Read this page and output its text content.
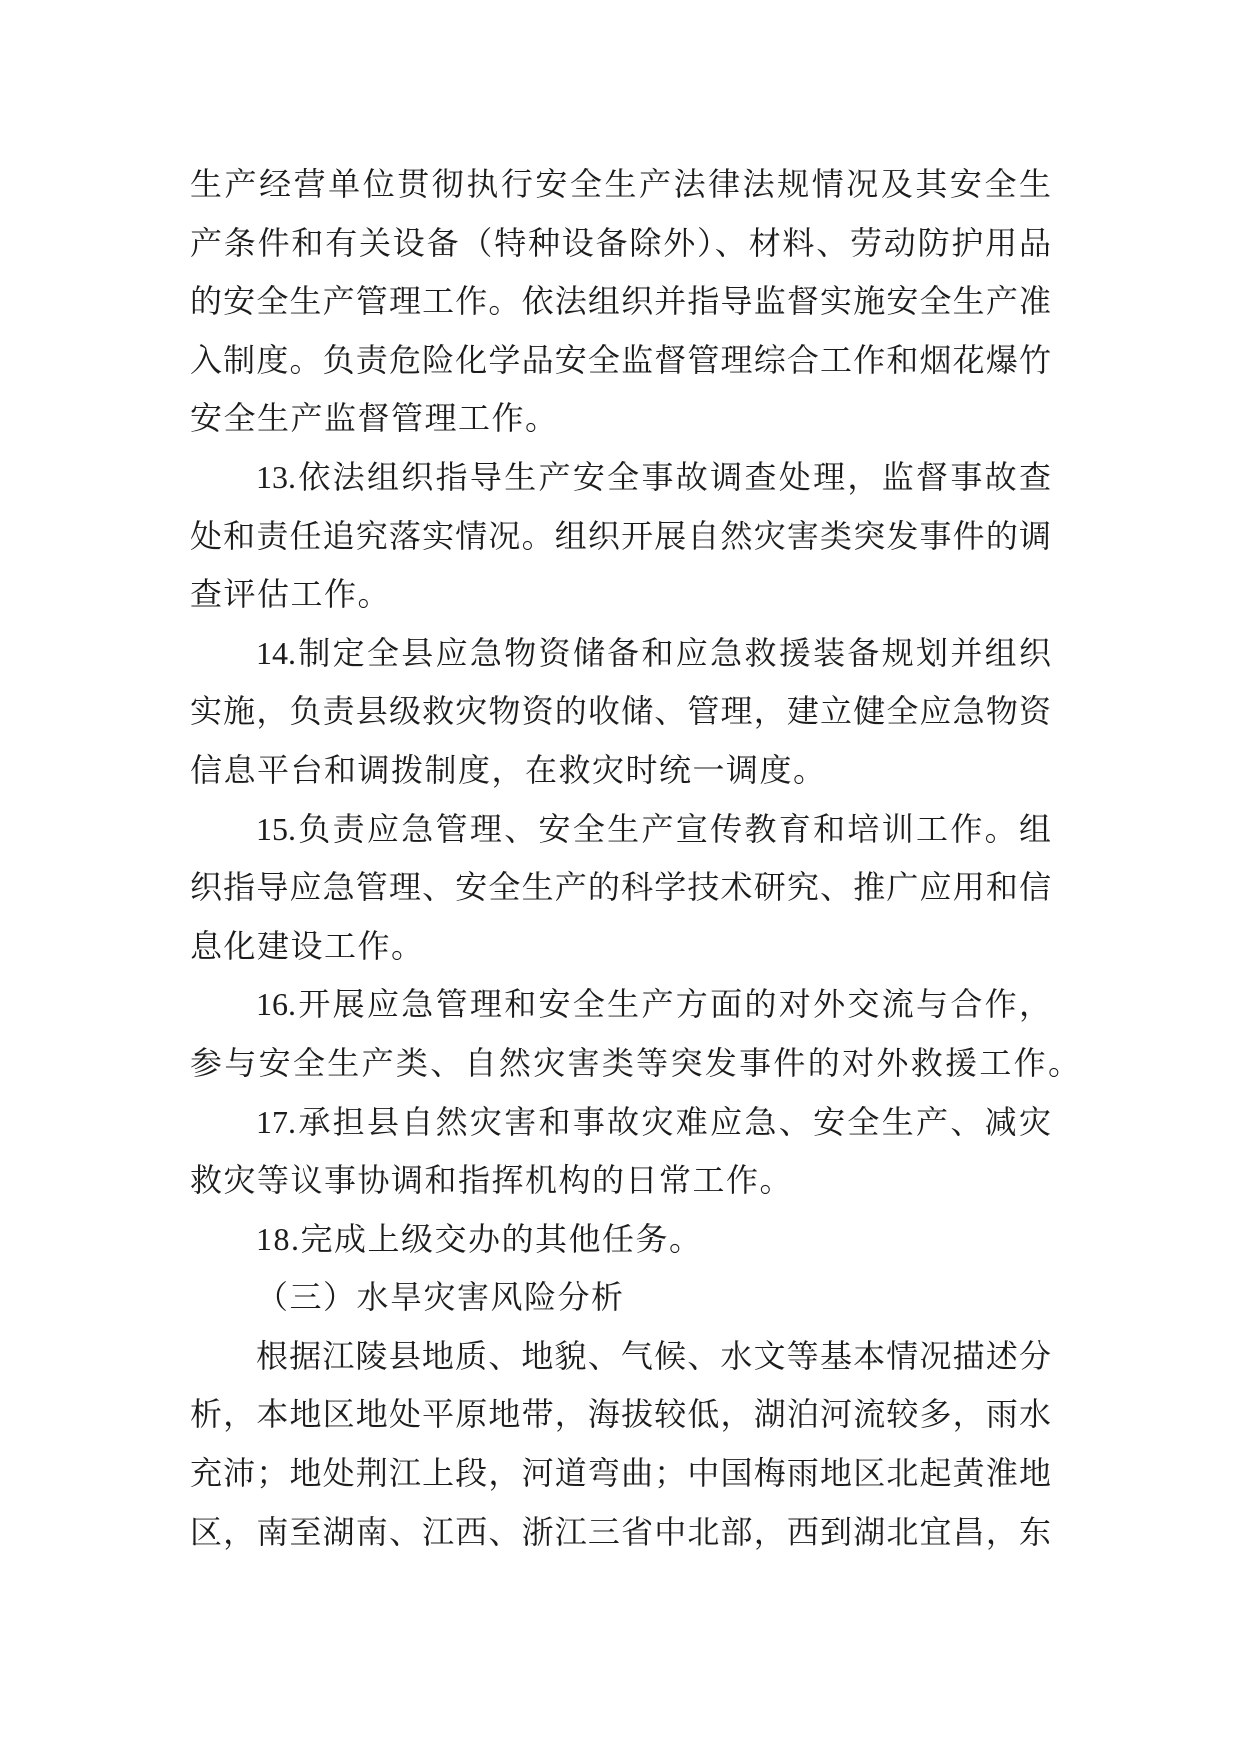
生产经营单位贯彻执行安全生产法律法规情况及其安全生
产条件和有关设备（特种设备除外）、材料、劳动防护用品
的安全生产管理工作。依法组织并指导监督实施安全生产准
入制度。负责危险化学品安全监督管理综合工作和烟花爆竹
安全生产监督管理工作。
13.依法组织指导生产安全事故调查处理，监督事故查
处和责任追究落实情况。组织开展自然灾害类突发事件的调
查评估工作。
14.制定全县应急物资储备和应急救援装备规划并组织
实施，负责县级救灾物资的收储、管理，建立健全应急物资
信息平台和调拨制度，在救灾时统一调度。
15.负责应急管理、安全生产宣传教育和培训工作。组
织指导应急管理、安全生产的科学技术研究、推广应用和信
息化建设工作。
16.开展应急管理和安全生产方面的对外交流与合作，
参与安全生产类、自然灾害类等突发事件的对外救援工作。
17.承担县自然灾害和事故灾难应急、安全生产、减灾
救灾等议事协调和指挥机构的日常工作。
18.完成上级交办的其他任务。
（三）水旱灾害风险分析
根据江陵县地质、地貌、气候、水文等基本情况描述分
析，本地区地处平原地带，海拔较低，湖泊河流较多，雨水
充沛；地处荆江上段，河道弯曲；中国梅雨地区北起黄淮地
区，南至湖南、江西、浙江三省中北部，西到湖北宜昌，东
